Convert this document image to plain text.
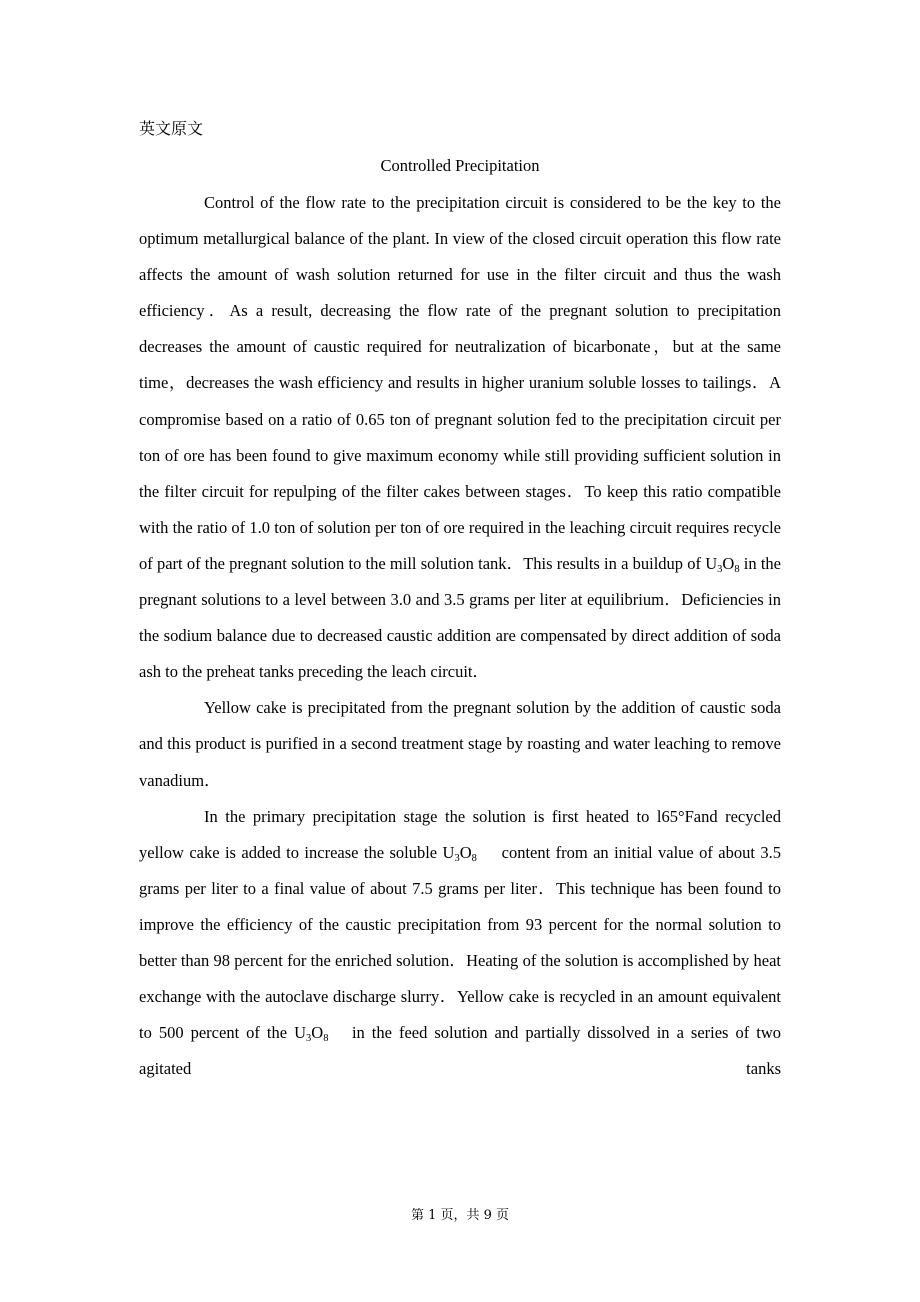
英文原文
Controlled Precipitation

Control of the flow rate to the precipitation circuit is considered to be the key to the optimum metallurgical balance of the plant. In view of the closed circuit operation this flow rate affects the amount of wash solution returned for use in the filter circuit and thus the wash efficiency．As a result, decreasing the flow rate of the pregnant solution to precipitation decreases the amount of caustic required for neutralization of bicarbonate，but at the same time，decreases the wash efficiency and results in higher uranium soluble losses to tailings．A compromise based on a ratio of 0.65 ton of pregnant solution fed to the precipitation circuit per ton of ore has been found to give maximum economy while still providing sufficient solution in the filter circuit for repulping of the filter cakes between stages．To keep this ratio compatible with the ratio of 1.0 ton of solution per ton of ore required in the leaching circuit requires recycle of part of the pregnant solution to the mill solution tank．This results in a buildup of $U_3O_8$ in the pregnant solutions to a level between 3.0 and 3.5 grams per liter at equilibrium．Deficiencies in the sodium balance due to decreased caustic addition are compensated by direct addition of soda ash to the preheat tanks preceding the leach circuit．

Yellow cake is precipitated from the pregnant solution by the addition of caustic soda and this product is purified in a second treatment stage by roasting and water leaching to remove vanadium．

In the primary precipitation stage the solution is first heated to l65°Fand recycled yellow cake is added to increase the soluble $U_3O_8$  content from an initial value of about 3.5 grams per liter to a final value of about 7.5 grams per liter．This technique has been found to improve the efficiency of the caustic precipitation from 93 percent for the normal solution to better than 98 percent for the enriched solution．Heating of the solution is accomplished by heat exchange with the autoclave discharge slurry．Yellow cake is recycled in an amount equivalent to 500 percent of the $U_3O_8$  in the feed solution and partially dissolved in a series of two agitated tanks

第 1 页，共 9 页
